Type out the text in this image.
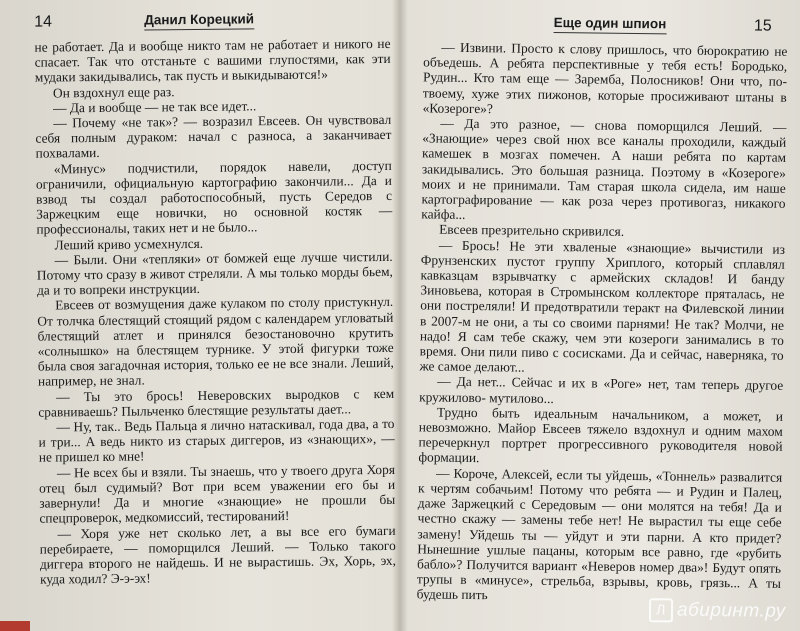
14	Данил Корецкий

не работает. Да и вообще никто там не работает и никого не спасает. Так что отстаньте с вашими глупостями, как эти мудаки закидывались, так пусть и выкидываются!»

Он вздохнул еще раз.

— Да и вообще — не так все идет...

— Почему «не так»? — возразил Евсеев. Он чувствовал себя полным дураком: начал с разноса, а заканчивает похвалами.

«Минус» подчистили, порядок навели, доступ ограничили, официальную картографию закончили... Да и взвод ты создал работоспособный, пусть Середов с Заржецким еще новички, но основной костяк — профессионалы, таких нет и не было...

Леший криво усмехнулся.

— Были. Они «тепляки» от бомжей еще лучше чистили. Потому что сразу в живот стреляли. А мы только морды бьем, да и то вопреки инструкции.

Евсеев от возмущения даже кулаком по столу пристукнул. От толчка блестящий стоящий рядом с календарем угловатый блестящий атлет и принялся безостановочно крутить «солнышко» на блестящем турнике. У этой фигурки тоже была своя загадочная история, только ее не все знали. Леший, например, не знал.

— Ты это брось! Неверовских выродков с кем сравниваешь? Пыльченко блестящие результаты дает...

— Ну, так.. Ведь Пальца я лично натаскивал, года два, а то и три... А ведь никто из старых диггеров, из «знающих», — не пришел ко мне!

— Не всех бы и взяли. Ты знаешь, что у твоего друга Хоря отец был судимый? Вот при всем уважении его бы и завернули! Да и многие «знающие» не прошли бы спецпроверок, медкомиссий, тестирований!

— Хоря уже нет сколько лет, а вы все его бумаги перебираете, — поморщился Леший. — Только такого диггера второго не найдешь. И не вырастишь. Эх, Хорь, эх, куда ходил? Э-э-эх!

Еще один шпион	15

— Извини. Просто к слову пришлось, что бюрократию не объедешь. А ребята перспективные у тебя есть! Бородько, Рудин... Кто там еще — Заремба, Полосников! Они что, по-твоему, хуже этих пижонов, которые просиживают штаны в «Козероге»?

— Да это разное, — снова поморщился Леший. — «Знающие» через свой нюх все каналы проходили, каждый камешек в мозгах помечен. А наши ребята по картам закидывались. Это большая разница. Поэтому в «Козероге» моих и не принимали. Там старая школа сидела, им наше картографирование — как роза через противогаз, никакого кайфа...

Евсеев презрительно скривился.

— Брось! Не эти хваленые «знающие» вычистили из Фрунзенских пустот группу Хриплого, который сплавлял кавказцам взрывчатку с армейских складов! И банду Зиновьева, которая в Стромынском коллекторе пряталась, не они постреляли! И предотвратили теракт на Филевской линии в 2007-м не они, а ты со своими парнями! Не так? Молчи, не надо! Я сам тебе скажу, чем эти козероги занимались в то время. Они пили пиво с сосисками. Да и сейчас, наверняка, то же самое делают...

— Да нет... Сейчас и их в «Роге» нет, там теперь другое кружилово- мутилово...

Трудно быть идеальным начальником, а может, и невозможно. Майор Евсеев тяжело вздохнул и одним махом перечеркнул портрет прогрессивного руководителя новой формации.

— Короче, Алексей, если ты уйдешь, «Тоннель» развалится к чертям собачьим! Потому что ребята — и Рудин и Палец, даже Заржецкий с Середовым — они молятся на тебя! Да и честно скажу — замены тебе нет! Не вырастил ты еще себе замену! Уйдешь ты — уйдут и эти парни. А кто придет? Нынешние ушлые пацаны, которым все равно, где «рубить бабло»? Получится вариант «Неверов номер два»! Будут опять трупы в «минусе», стрельба, взрывы, кровь, грязь... А ты будешь пить

Л абиринт.ру
